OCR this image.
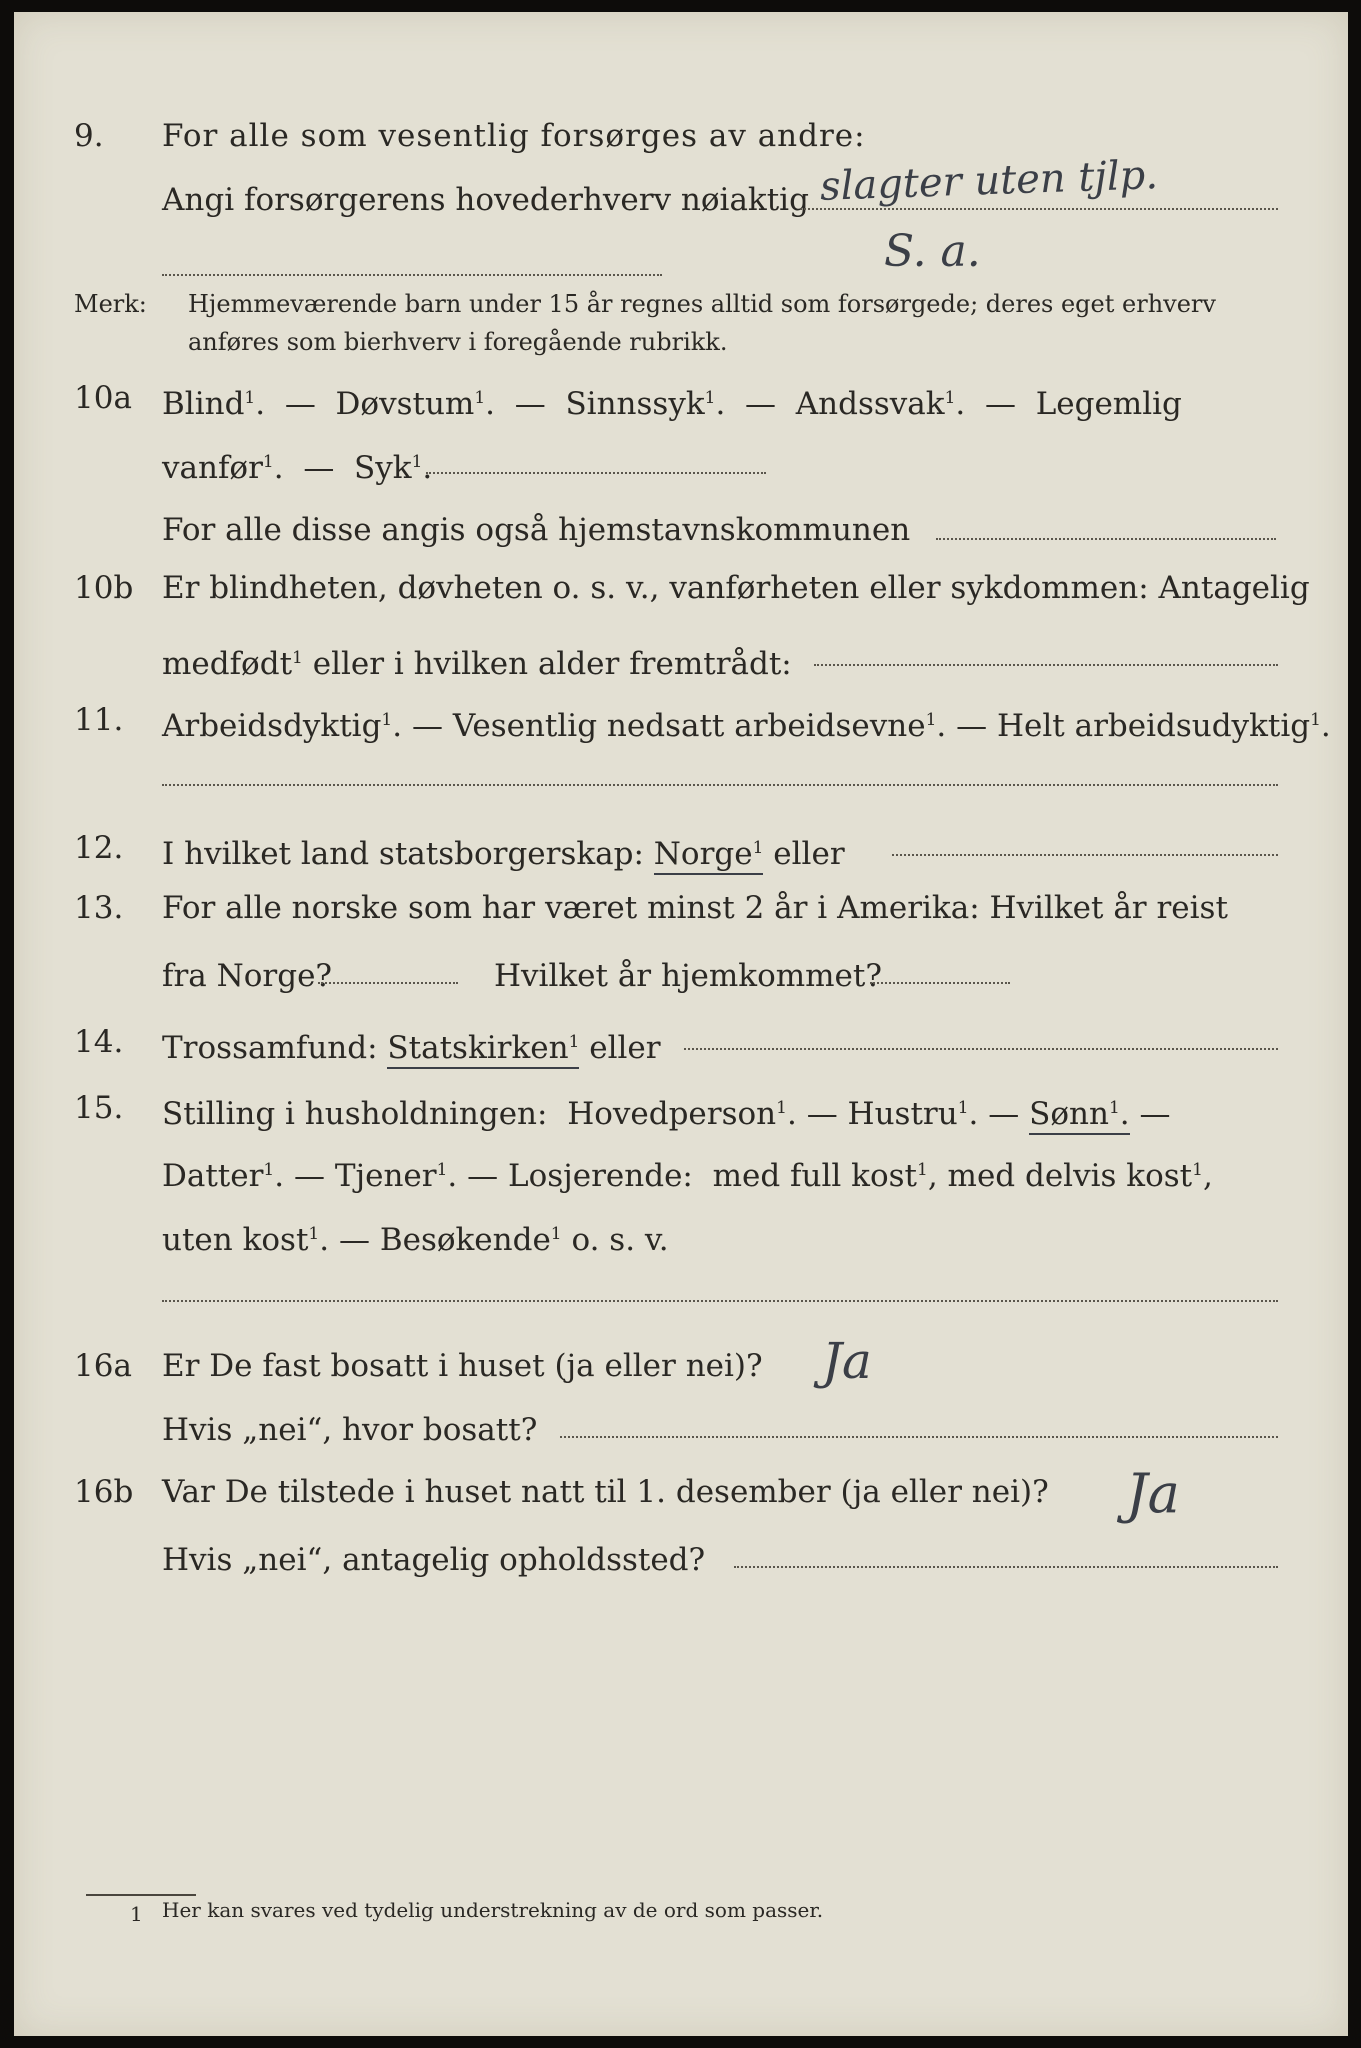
9. For alle som vesentlig forsørges av andre:
Angi forsørgerens hovederhverv nøiaktig slagter uten tjlp.
S. a.
Merk: Hjemmeværende barn under 15 år regnes alltid som forsørgede; deres eget erhverv
anføres som bierhverv i foregående rubrikk.
10a Blind$^1$. — Døvstum$^1$. — Sinnssyk$^1$. — Andssvak$^1$. — Legemlig
vanfør$^1$. — Syk$^1$.
For alle disse angis også hjemstavnskommunen
10b Er blindheten, døvheten o. s. v., vanførheten eller sykdommen: Antagelig
medfødt$^1$ eller i hvilken alder fremtrådt:
11. Arbeidsdyktig$^1$. — Vesentlig nedsatt arbeidsevne$^1$. — Helt arbeidsudyktig$^1$.
12. I hvilket land statsborgerskap: Norge$^1$ eller
13. For alle norske som har været minst 2 år i Amerika: Hvilket år reist
fra Norge?	Hvilket år hjemkommet?
14. Trossamfund: Statskirken$^1$ eller
15. Stilling i husholdningen: Hovedperson$^1$. — Hustru$^1$. — Sønn$^1$. —
Datter$^1$. — Tjener$^1$. — Losjerende: med full kost$^1$, med delvis kost$^1$,
uten kost$^1$. — Besøkende$^1$ o. s. v.
16a Er De fast bosatt i huset (ja eller nei)? Ja
Hvis „nei“, hvor bosatt?
16b Var De tilstede i huset natt til 1. desember (ja eller nei)? Ja
Hvis „nei“, antagelig opholdssted?
1 Her kan svares ved tydelig understrekning av de ord som passer.
